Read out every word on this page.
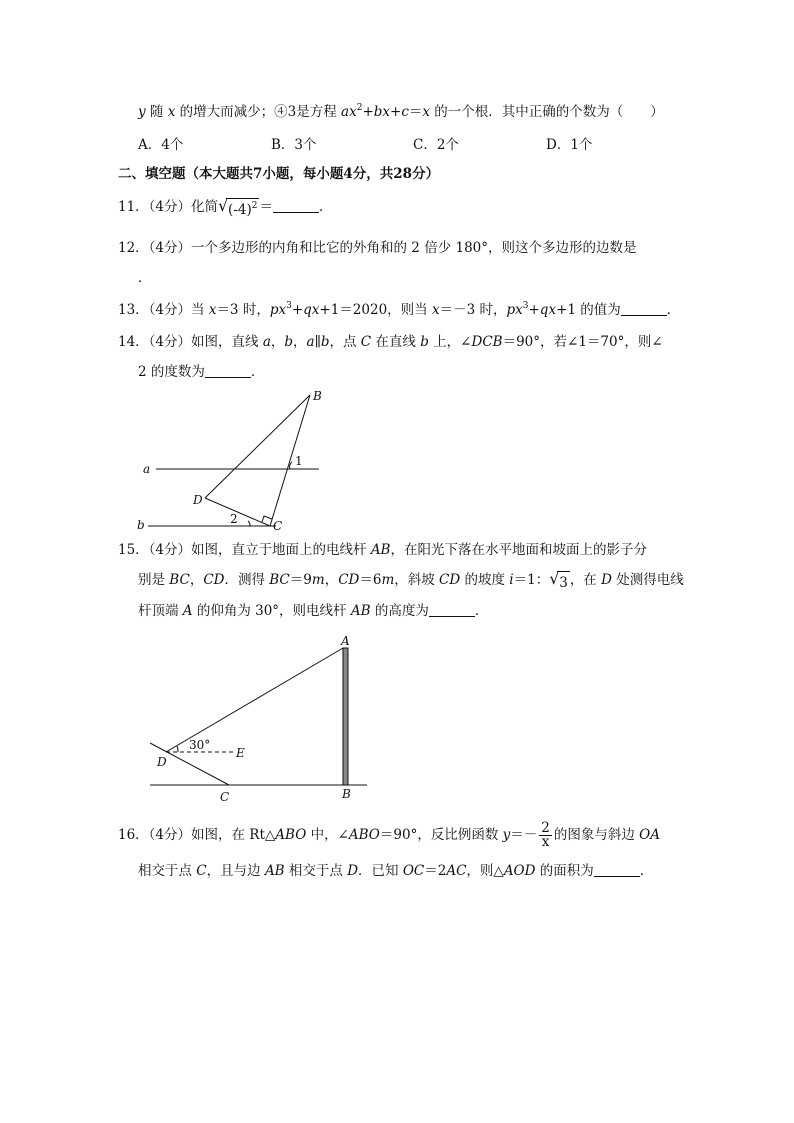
y 随 x 的增大而减少；④3是方程 $ax^2+bx+c=x$ 的一个根．其中正确的个数为（　　）
A．4个	B．3个	C．2个	D．1个
二、填空题（本大题共7小题，每小题4分，共28分）
11．（4分）化简 √ $(-4)^2$ ＝	．
12．（4分）一个多边形的内角和比它的外角和的 2 倍少 180°，则这个多边形的边数是
．
13．（4分）当 x＝3 时，$px^3+qx+1=2020$，则当 x＝－3 时，$px^3+qx+1$ 的值为	．
14．（4分）如图，直线 a，b，a∥b，点 C 在直线 b 上，∠DCB＝90°，若∠1＝70°，则∠
2 的度数为	．
B
a
1
D
b	2	C
15．（4分）如图，直立于地面上的电线杆 AB，在阳光下落在水平地面和坡面上的影子分
别是 BC，CD．测得 BC＝9m，CD＝6m，斜坡 CD 的坡度 i＝1： √ 3 ，在 D 处测得电线
杆顶端 A 的仰角为 30°，则电线杆 AB 的高度为	．
A
30°
E
D
C	B
16．（4分）如图，在 Rt△ABO 中，∠ABO＝90°，反比例函数 $y=- \frac{2}{x}$ 的图象与斜边 OA
相交于点 C，且与边 AB 相交于点 D．已知 OC＝2AC，则△AOD 的面积为	．
